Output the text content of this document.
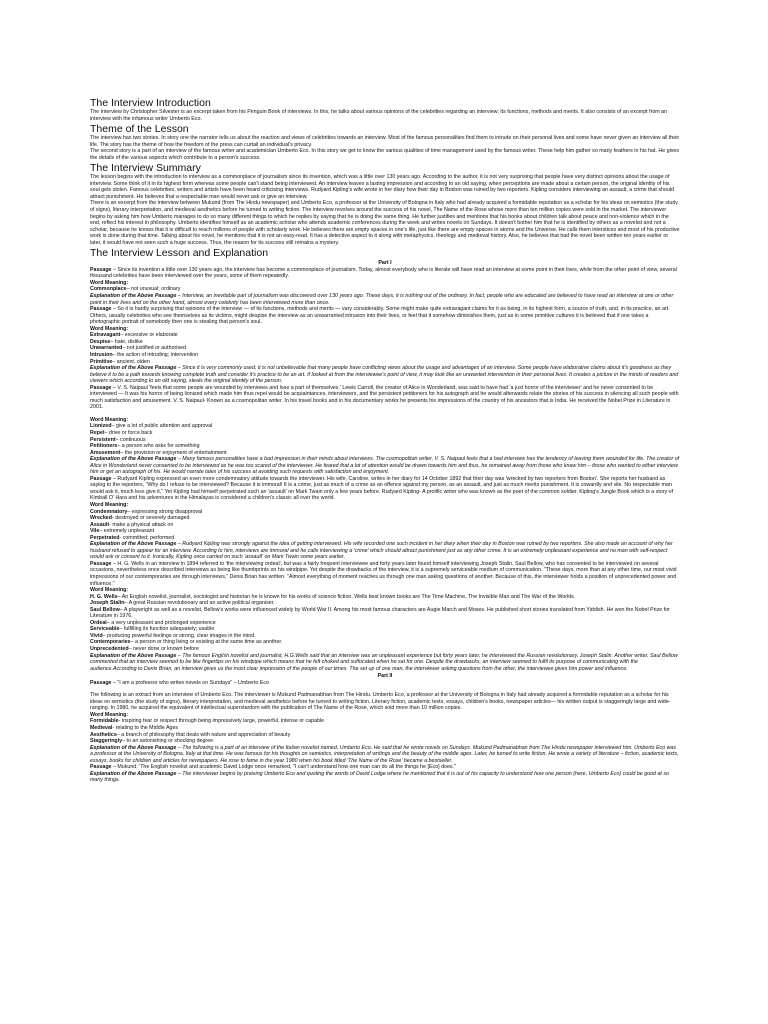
The Interview Introduction

The Interview by Christopher Silvester is an excerpt taken from his Penguin Book of interviews. In this, he talks about various opinions of the celebrities regarding an interview; its functions, methods and merits. It also consists of an excerpt from an interview with the infamous writer Umberto Eco.

Theme of the Lesson

The interview has two stories. In story one the narrator tells us about the reaction and views of celebrities towards an interview. Most of the famous personalities find them to intrude on their personal lives and some have never given an interview all their life. The story has the theme of how the freedom of the press can curtail an individual's privacy.

The second story is a part of an interview of the famous writer and academician Umberto Eco. In this story we get to know the various qualities of time management used by the famous writer. These help him gather so many feathers in his hat. He gives the details of the various aspects which contribute to a person's success.

The Interview Summary

The lesson begins with the introduction to interview as a commonplace of journalism since its invention, which was a little over 130 years ago. According to the author, it is not very surprising that people have very distinct opinions about the usage of interview. Some think of it in its highest form whereas some people can't stand being interviewed. An interview leaves a lasting impression and according to an old saying, when perceptions are made about a certain person, the original identity of his soul gets stolen. Famous celebrities, writers and artists have been heard criticising interviews. Rudyard Kipling's wife wrote in her diary how their day in Boston was ruined by two reporters. Kipling considers interviewing an assault, a crime that should attract punishment. He believes that a respectable man would never ask or give an interview.

There is an excerpt from the interview between Mukund (from The Hindu newspaper) and Umberto Eco, a professor at the University of Bologna in Italy who had already acquired a formidable reputation as a scholar for his ideas on semiotics (the study of signs), literary interpretation, and medieval aesthetics before he turned to writing fiction. The interview revolves around the success of his novel, The Name of the Rose whose more than ten million copies were sold in the market. The interviewer begins by asking him how Umberto manages to do so many different things to which he replies by saying that he is doing the same thing. He further justifies and mentions that his books about children talk about peace and non-violence which in the end, reflect his interest in philosophy. Umberto identifies himself as an academic scholar who attends academic conferences during the week and writes novels on Sundays. It doesn't bother him that he is identified by others as a novelist and not a scholar, because he knows that it is difficult to reach millions of people with scholarly work. He believes there are empty spaces in one's life, just like there are empty spaces in atoms and the Universe. He calls them interstices and most of his productive work is done during that time. Talking about his novel, he mentions that it is not an easy-read. It has a detective aspect to it along with metaphysics, theology and medieval history. Also, he believes that had the novel been written ten years earlier or later, it would have not seen such a huge success. Thus, the reason for its success still remains a mystery.

The Interview Lesson and Explanation

Part I

Passage – Since its invention a little over 130 years ago, the interview has become a commonplace of journalism. Today, almost everybody who is literate will have read an interview at some point in their lives, while from the other point of view, several thousand celebrities have been interviewed over the years, some of them repeatedly.

Word Meaning:

Commonplace– not unusual; ordinary

Explanation of the Above Passage – Interview, an inevitable part of journalism was discovered over 130 years ago. These days, it is nothing out of the ordinary. In fact, people who are educated are believed to have read an interview at one or other point in their lives and on the other hand, almost every celebrity has been interviewed more than once.

Passage – So it is hardly surprising that opinions of the interview — of its functions, methods and merits — vary considerably. Some might make quite extravagant claims for it as being, in its highest form, a source of truth, and, in its practice, an art. Others, usually celebrities who see themselves as its victims, might despise the interview as an unwarranted intrusion into their lives, or feel that it somehow diminishes them, just as in some primitive cultures it is believed that if one takes a photographic portrait of somebody then one is stealing that person's soul.

Word Meaning:

Extravagant– excessive or elaborate

Despise– hate, dislike

Unwarranted– not justified or authorised

Intrusion– the action of intruding; intervention

Primitive– ancient, olden

Explanation of the Above Passage – Since it is very commonly used, it is not unbelievable that many people have conflicting views about the usage and advantages of an interview. Some people have elaborative claims about it's goodness as they believe it to be a path towards knowing complete truth and consider it's practice to be an art. If looked at from the interviewee's point of view, it may look like an unwanted intervention in their personal lives. It creates a picture in the minds of readers and viewers which according to an old saying, steals the original identity of the person.

Passage – V. S. Naipaul 'feels that some people are wounded by interviews and lose a part of themselves.' Lewis Carroll, the creator of Alice in Wonderland, was said to have had 'a just horror of the interviewer' and he never consented to be interviewed — It was his horror of being lionized which made him thus repel would be acquaintances, interviewers, and the persistent petitioners for his autograph and he would afterwards relate the stories of his success in silencing all such people with much satisfaction and amusement. V. S. Naipaul- Known as a cosmopolitan writer. In his travel books and in his documentary works he presents his impressions of the country of his ancestors that is India. He received the Nobel Prize in Literature in 2001.

Word Meaning:

Lionized– give a lot of public attention and approval

Repel– drive or force back

Persistent– continuous

Petitioners– a person who asks for something

Amusement– the provision or enjoyment of entertainment

Explanation of the Above Passage – Many famous personalities have a bad impression in their minds about interviews. The cosmopolitan writer, V. S. Naipaul feels that a bad interview has the tendency of leaving them wounded for life. The creator of Alice in Wonderland never consented to be interviewed as he was too scared of the interviewer. He feared that a lot of attention would be drawn towards him and thus, he remained away from those who knew him – those who wanted to either interview him or get an autograph of his. He would narrate tales of his success at avoiding such requests with satisfaction and enjoyment.

Passage – Rudyard Kipling expressed an even more condemnatory attitude towards the interviewer. His wife, Caroline, writes in her diary for 14 October 1892 that their day was 'wrecked by two reporters from Boston'. She reports her husband as saying to the reporters, "Why do I refuse to be interviewed? Because it is immoral! It is a crime, just as much of a crime as an offence against my person, as an assault, and just as much merits punishment. It is cowardly and vile. No respectable man would ask it, much less give it," Yet Kipling had himself perpetrated such an 'assault' on Mark Twain only a few years before. Rudyard Kipling- A prolific writer who was known as the poet of the common soldier. Kipling's Jungle Book which is a story of Kimball O' Hara and his adventures in the Himalayas is considered a children's classic all over the world.

Word Meaning:

Condemnatory– expressing strong disapproval

Wrecked- destroyed or severely damaged

Assault- make a physical attack on

Vile– extremely unpleasant

Perpetrated- committed; performed

Explanation of the Above Passage – Rudyard Kipling was strongly against the idea of getting interviewed. His wife recorded one such incident in her diary when their day in Boston was ruined by two reporters. She also made an account of why her husband refused to appear for an interview. According to him, interviews are immoral and he calls interviewing a 'crime' which should attract punishment just as any other crime. It is an extremely unpleasant experience and no man with self-respect would ask or consent to it. Ironically, Kipling once carried on such 'assault' on Mark Twain some years earlier.

Passage – H. G. Wells in an interview in 1894 referred to 'the interviewing ordeal', but was a fairly frequent interviewee and forty years later found himself interviewing Joseph Stalin. Saul Bellow, who has consented to be interviewed on several occasions, nevertheless once described interviews as being like thumbprints on his windpipe. Yet despite the drawbacks of the interview, it is a supremely serviceable medium of communication. "These days, more than at any other time, our most vivid impressions of our contemporaries are through interviews," Denis Brian has written. "Almost everything of moment reaches us through one man asking questions of another. Because of this, the interviewer holds a position of unprecedented power and influence."

Word Meaning:

H. G. Wells– An English novelist, journalist, sociologist and historian he is known for his works of science fiction. Wells best known books are The Time Machine, The Invisible Man and The War of the Worlds.

Joseph Stalin– A great Russian revolutionary and an active political organiser.

Saul Bellow– A playwright as well as a novelist, Bellow's works were influenced widely by World War II. Among his most famous characters are Augie March and Moses. He published short stories translated from Yiddish. He won the Nobel Prize for Literature in 1976.

Ordeal– a very unpleasant and prolonged experience

Serviceable– fulfilling its function adequately; usable

Vivid– producing powerful feelings or strong, clear images in the mind.

Contemporaries– a person or thing living or existing at the same time as another.

Unprecedented– never done or known before

Explanation of the Above Passage – The famous English novelist and journalist, H.G.Wells said that an interview was an unpleasant experience but forty years later, he interviewed the Russian revolutionary, Joseph Stalin. Another writer, Saul Bellow commented that an interview seemed to be like fingertips on his windpipe which means that he felt choked and suffocated when he sat for one. Despite the drawbacks, an interview seemed to fulfil its purpose of communicating with the audience.According to Denis Brian, an interview gives us the most clear impression of the people of our times. The set up of one man, the interviewer asking questions from the other, the interviewee gives him power and influence.

Part II

Passage – "I am a professor who writes novels on Sundays" – Umberto Eco

The following is an extract from an interview of Umberto Eco. The interviewer is Mukund Padmanabhan from The Hindu. Umberto Eco, a professor at the University of Bologna in Italy had already acquired a formidable reputation as a scholar for his ideas on semiotics (the study of signs), literary interpretation, and medieval aesthetics before he turned to writing fiction. Literary fiction, academic texts, essays, children's books, newspaper articles— his written output is staggeringly large and wide-ranging. In 1980, he acquired the equivalent of intellectual superstardom with the publication of The Name of the Rose, which sold more than 10 million copies.

Word Meaning:

Formidable- inspiring fear or respect through being impressively large, powerful, intense or capable

Medieval- relating to the Middle Ages

Aesthetics– a branch of philosophy that deals with nature and appreciation of beauty

Staggeringly– to an astonishing or shocking degree

Explanation of the Above Passage – The following is a part of an interview of the Italian novelist named, Umberto Eco. He said that he wrote novels on Sundays. Mukund Padmanabhan from The Hindu newspaper interviewed him. Umberto Eco was a professor at the University of Bologna, Italy at that time. He was famous for his thoughts on semiotics, interpretation of writings and the beauty of the middle ages. Later, he turned to write fiction. He wrote a variety of literature – fiction, academic texts, essays, books for children and articles for newspapers. He rose to fame in the year 1980 when his book titled 'The Name of the Rose' became a bestseller.

Passage – Mukund: 'The English novelist and academic David Lodge once remarked, "I can't understand how one man can do all the things he [Eco] does."

Explanation of the Above Passage – The interviewer begins by praising Umberto Eco and quoting the words of David Lodge where he mentioned that it is out of his capacity to understand how one person (here, Umberto Eco) could be good at so many things.
